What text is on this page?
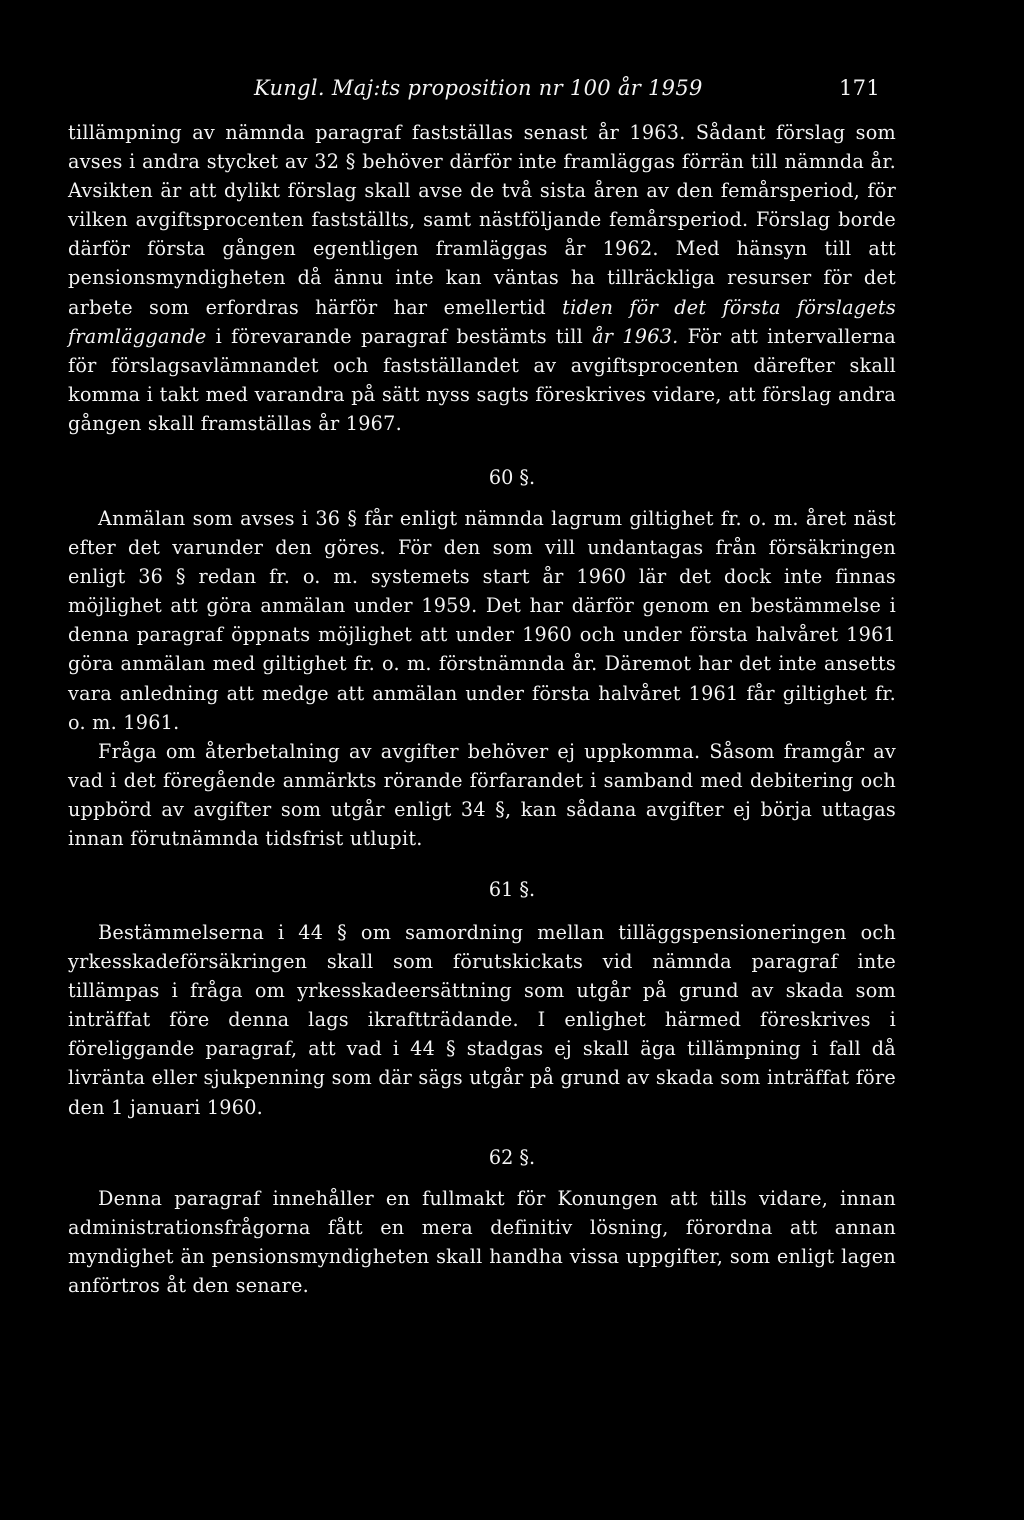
Kungl. Maj:ts proposition nr 100 år 1959	171

tillämpning av nämnda paragraf fastställas senast år 1963. Sådant förslag som avses i andra stycket av 32 § behöver därför inte framläggas förrän till nämnda år. Avsikten är att dylikt förslag skall avse de två sista åren av den femårsperiod, för vilken avgiftsprocenten fastställts, samt nästföljande femårsperiod. Förslag borde därför första gången egentligen framläggas år 1962. Med hänsyn till att pensionsmyndigheten då ännu inte kan väntas ha tillräckliga resurser för det arbete som erfordras härför har emellertid tiden för det första förslagets framläggande i förevarande paragraf bestämts till år 1963. För att intervallerna för förslagsavlämnandet och fastställandet av avgiftsprocenten därefter skall komma i takt med varandra på sätt nyss sagts föreskrives vidare, att förslag andra gången skall framställas år 1967.

60 §.

Anmälan som avses i 36 § får enligt nämnda lagrum giltighet fr. o. m. året näst efter det varunder den göres. För den som vill undantagas från försäkringen enligt 36 § redan fr. o. m. systemets start år 1960 lär det dock inte finnas möjlighet att göra anmälan under 1959. Det har därför genom en bestämmelse i denna paragraf öppnats möjlighet att under 1960 och under första halvåret 1961 göra anmälan med giltighet fr. o. m. förstnämnda år. Däremot har det inte ansetts vara anledning att medge att anmälan under första halvåret 1961 får giltighet fr. o. m. 1961.

Fråga om återbetalning av avgifter behöver ej uppkomma. Såsom framgår av vad i det föregående anmärkts rörande förfarandet i samband med debitering och uppbörd av avgifter som utgår enligt 34 §, kan sådana avgifter ej börja uttagas innan förutnämnda tidsfrist utlupit.

61 §.

Bestämmelserna i 44 § om samordning mellan tilläggspensioneringen och yrkesskadeförsäkringen skall som förutskickats vid nämnda paragraf inte tillämpas i fråga om yrkesskadeersättning som utgår på grund av skada som inträffat före denna lags ikraftträdande. I enlighet härmed föreskrives i föreliggande paragraf, att vad i 44 § stadgas ej skall äga tillämpning i fall då livränta eller sjukpenning som där sägs utgår på grund av skada som inträffat före den 1 januari 1960.

62 §.

Denna paragraf innehåller en fullmakt för Konungen att tills vidare, innan administrationsfrågorna fått en mera definitiv lösning, förordna att annan myndighet än pensionsmyndigheten skall handha vissa uppgifter, som enligt lagen anförtros åt den senare.
